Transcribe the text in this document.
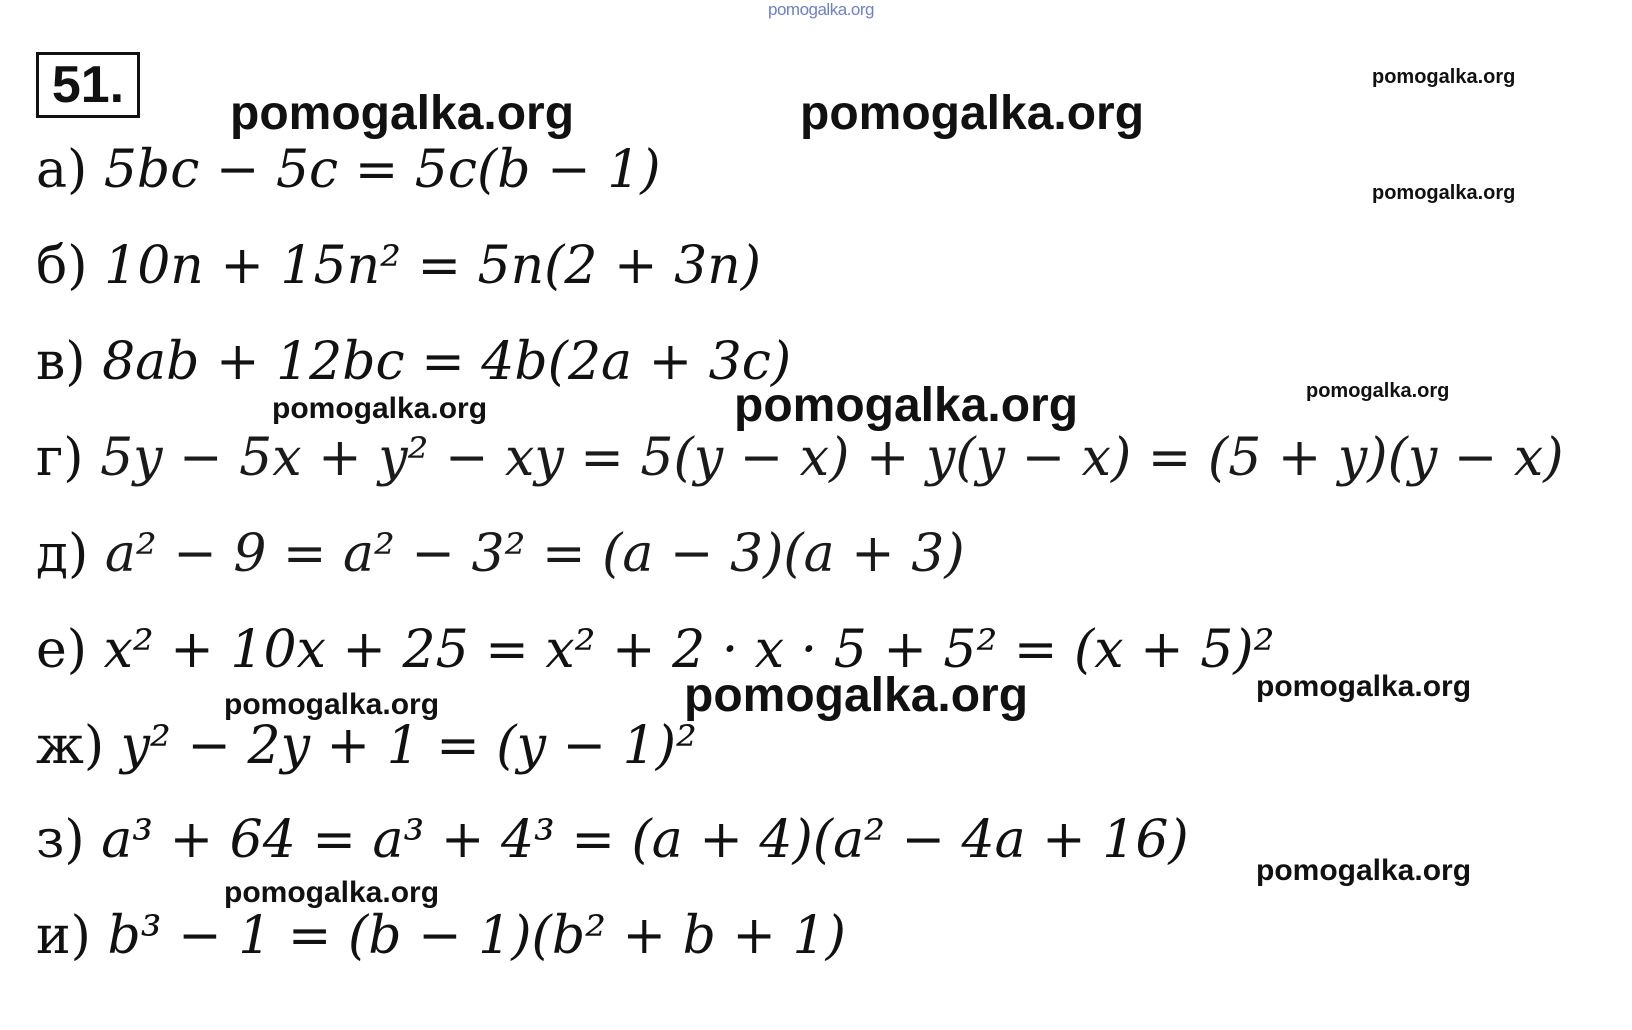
pomogalka.org
51.	pomogalka.org	pomogalka.org
pomogalka.org
pomogalka.org
pomogalka.org	pomogalka.org	pomogalka.org
pomogalka.org	pomogalka.org
pomogalka.org
pomogalka.org
pomogalka.org
а) 5bc − 5c = 5c(b − 1)
б) 10n + 15n² = 5n(2 + 3n)
в) 8ab + 12bc = 4b(2a + 3c)
г) 5y − 5x + y² − xy = 5(y − x) + y(y − x) = (5 + y)(y − x)
д) a² − 9 = a² − 3² = (a − 3)(a + 3)
е) x² + 10x + 25 = x² + 2 · x · 5 + 5² = (x + 5)²
ж) y² − 2y + 1 = (y − 1)²
з) a³ + 64 = a³ + 4³ = (a + 4)(a² − 4a + 16)
и) b³ − 1 = (b − 1)(b² + b + 1)
